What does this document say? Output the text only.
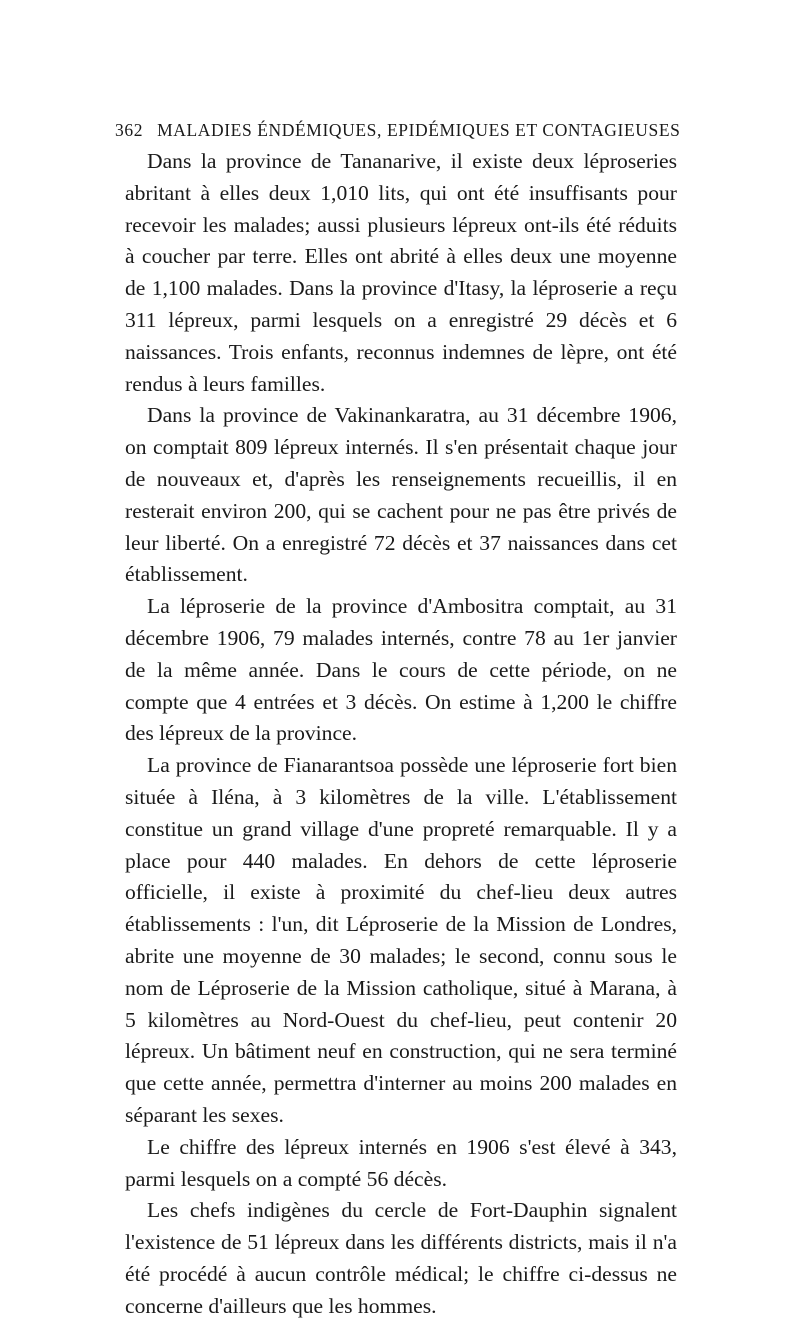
362 MALADIES ÉNDÉMIQUES, EPIDÉMIQUES ET CONTAGIEUSES

Dans la province de Tananarive, il existe deux léproseries abritant à elles deux 1,010 lits, qui ont été insuffisants pour recevoir les malades; aussi plusieurs lépreux ont-ils été réduits à coucher par terre. Elles ont abrité à elles deux une moyenne de 1,100 malades. Dans la province d'Itasy, la léproserie a reçu 311 lépreux, parmi lesquels on a enregistré 29 décès et 6 naissances. Trois enfants, reconnus indemnes de lèpre, ont été rendus à leurs familles.

Dans la province de Vakinankaratra, au 31 décembre 1906, on comptait 809 lépreux internés. Il s'en présentait chaque jour de nouveaux et, d'après les renseignements recueillis, il en resterait environ 200, qui se cachent pour ne pas être privés de leur liberté. On a enregistré 72 décès et 37 naissances dans cet établissement.

La léproserie de la province d'Ambositra comptait, au 31 décembre 1906, 79 malades internés, contre 78 au 1er janvier de la même année. Dans le cours de cette période, on ne compte que 4 entrées et 3 décès. On estime à 1,200 le chiffre des lépreux de la province.

La province de Fianarantsoa possède une léproserie fort bien située à Iléna, à 3 kilomètres de la ville. L'établissement constitue un grand village d'une propreté remarquable. Il y a place pour 440 malades. En dehors de cette léproserie officielle, il existe à proximité du chef-lieu deux autres établissements : l'un, dit Léproserie de la Mission de Londres, abrite une moyenne de 30 malades; le second, connu sous le nom de Léproserie de la Mission catholique, situé à Marana, à 5 kilomètres au Nord-Ouest du chef-lieu, peut contenir 20 lépreux. Un bâtiment neuf en construction, qui ne sera terminé que cette année, permettra d'interner au moins 200 malades en séparant les sexes.

Le chiffre des lépreux internés en 1906 s'est élevé à 343, parmi lesquels on a compté 56 décès.

Les chefs indigènes du cercle de Fort-Dauphin signalent l'existence de 51 lépreux dans les différents districts, mais il n'a été procédé à aucun contrôle médical; le chiffre ci-dessus ne concerne d'ailleurs que les hommes.
